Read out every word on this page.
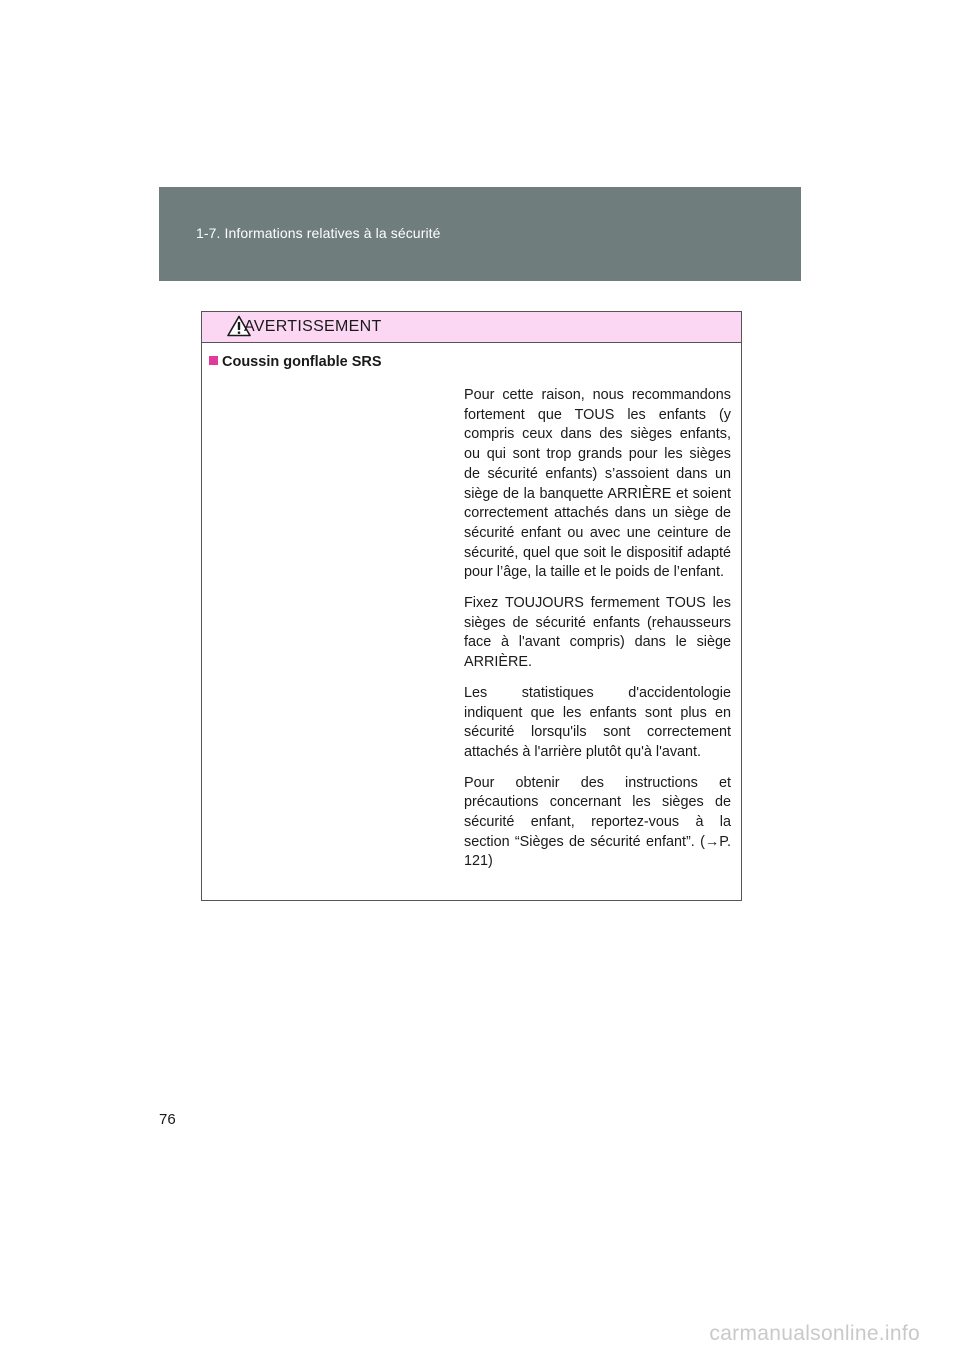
1-7. Informations relatives à la sécurité
AVERTISSEMENT
Coussin gonflable SRS

Pour cette raison, nous recommandons fortement que TOUS les enfants (y compris ceux dans des sièges enfants, ou qui sont trop grands pour les sièges de sécurité enfants) s’assoient dans un siège de la banquette ARRIÈRE et soient correctement attachés dans un siège de sécurité enfant ou avec une ceinture de sécurité, quel que soit le dispositif adapté pour l’âge, la taille et le poids de l’enfant.

Fixez TOUJOURS fermement TOUS les sièges de sécurité enfants (rehausseurs face à l'avant compris) dans le siège ARRIÈRE.

Les statistiques d'accidentologie indiquent que les enfants sont plus en sécurité lorsqu'ils sont correctement attachés à l'arrière plutôt qu'à l'avant.

Pour obtenir des instructions et précautions concernant les sièges de sécurité enfant, reportez-vous à la section “Sièges de sécurité enfant”. (→P. 121)

76
carmanualsonline.info
